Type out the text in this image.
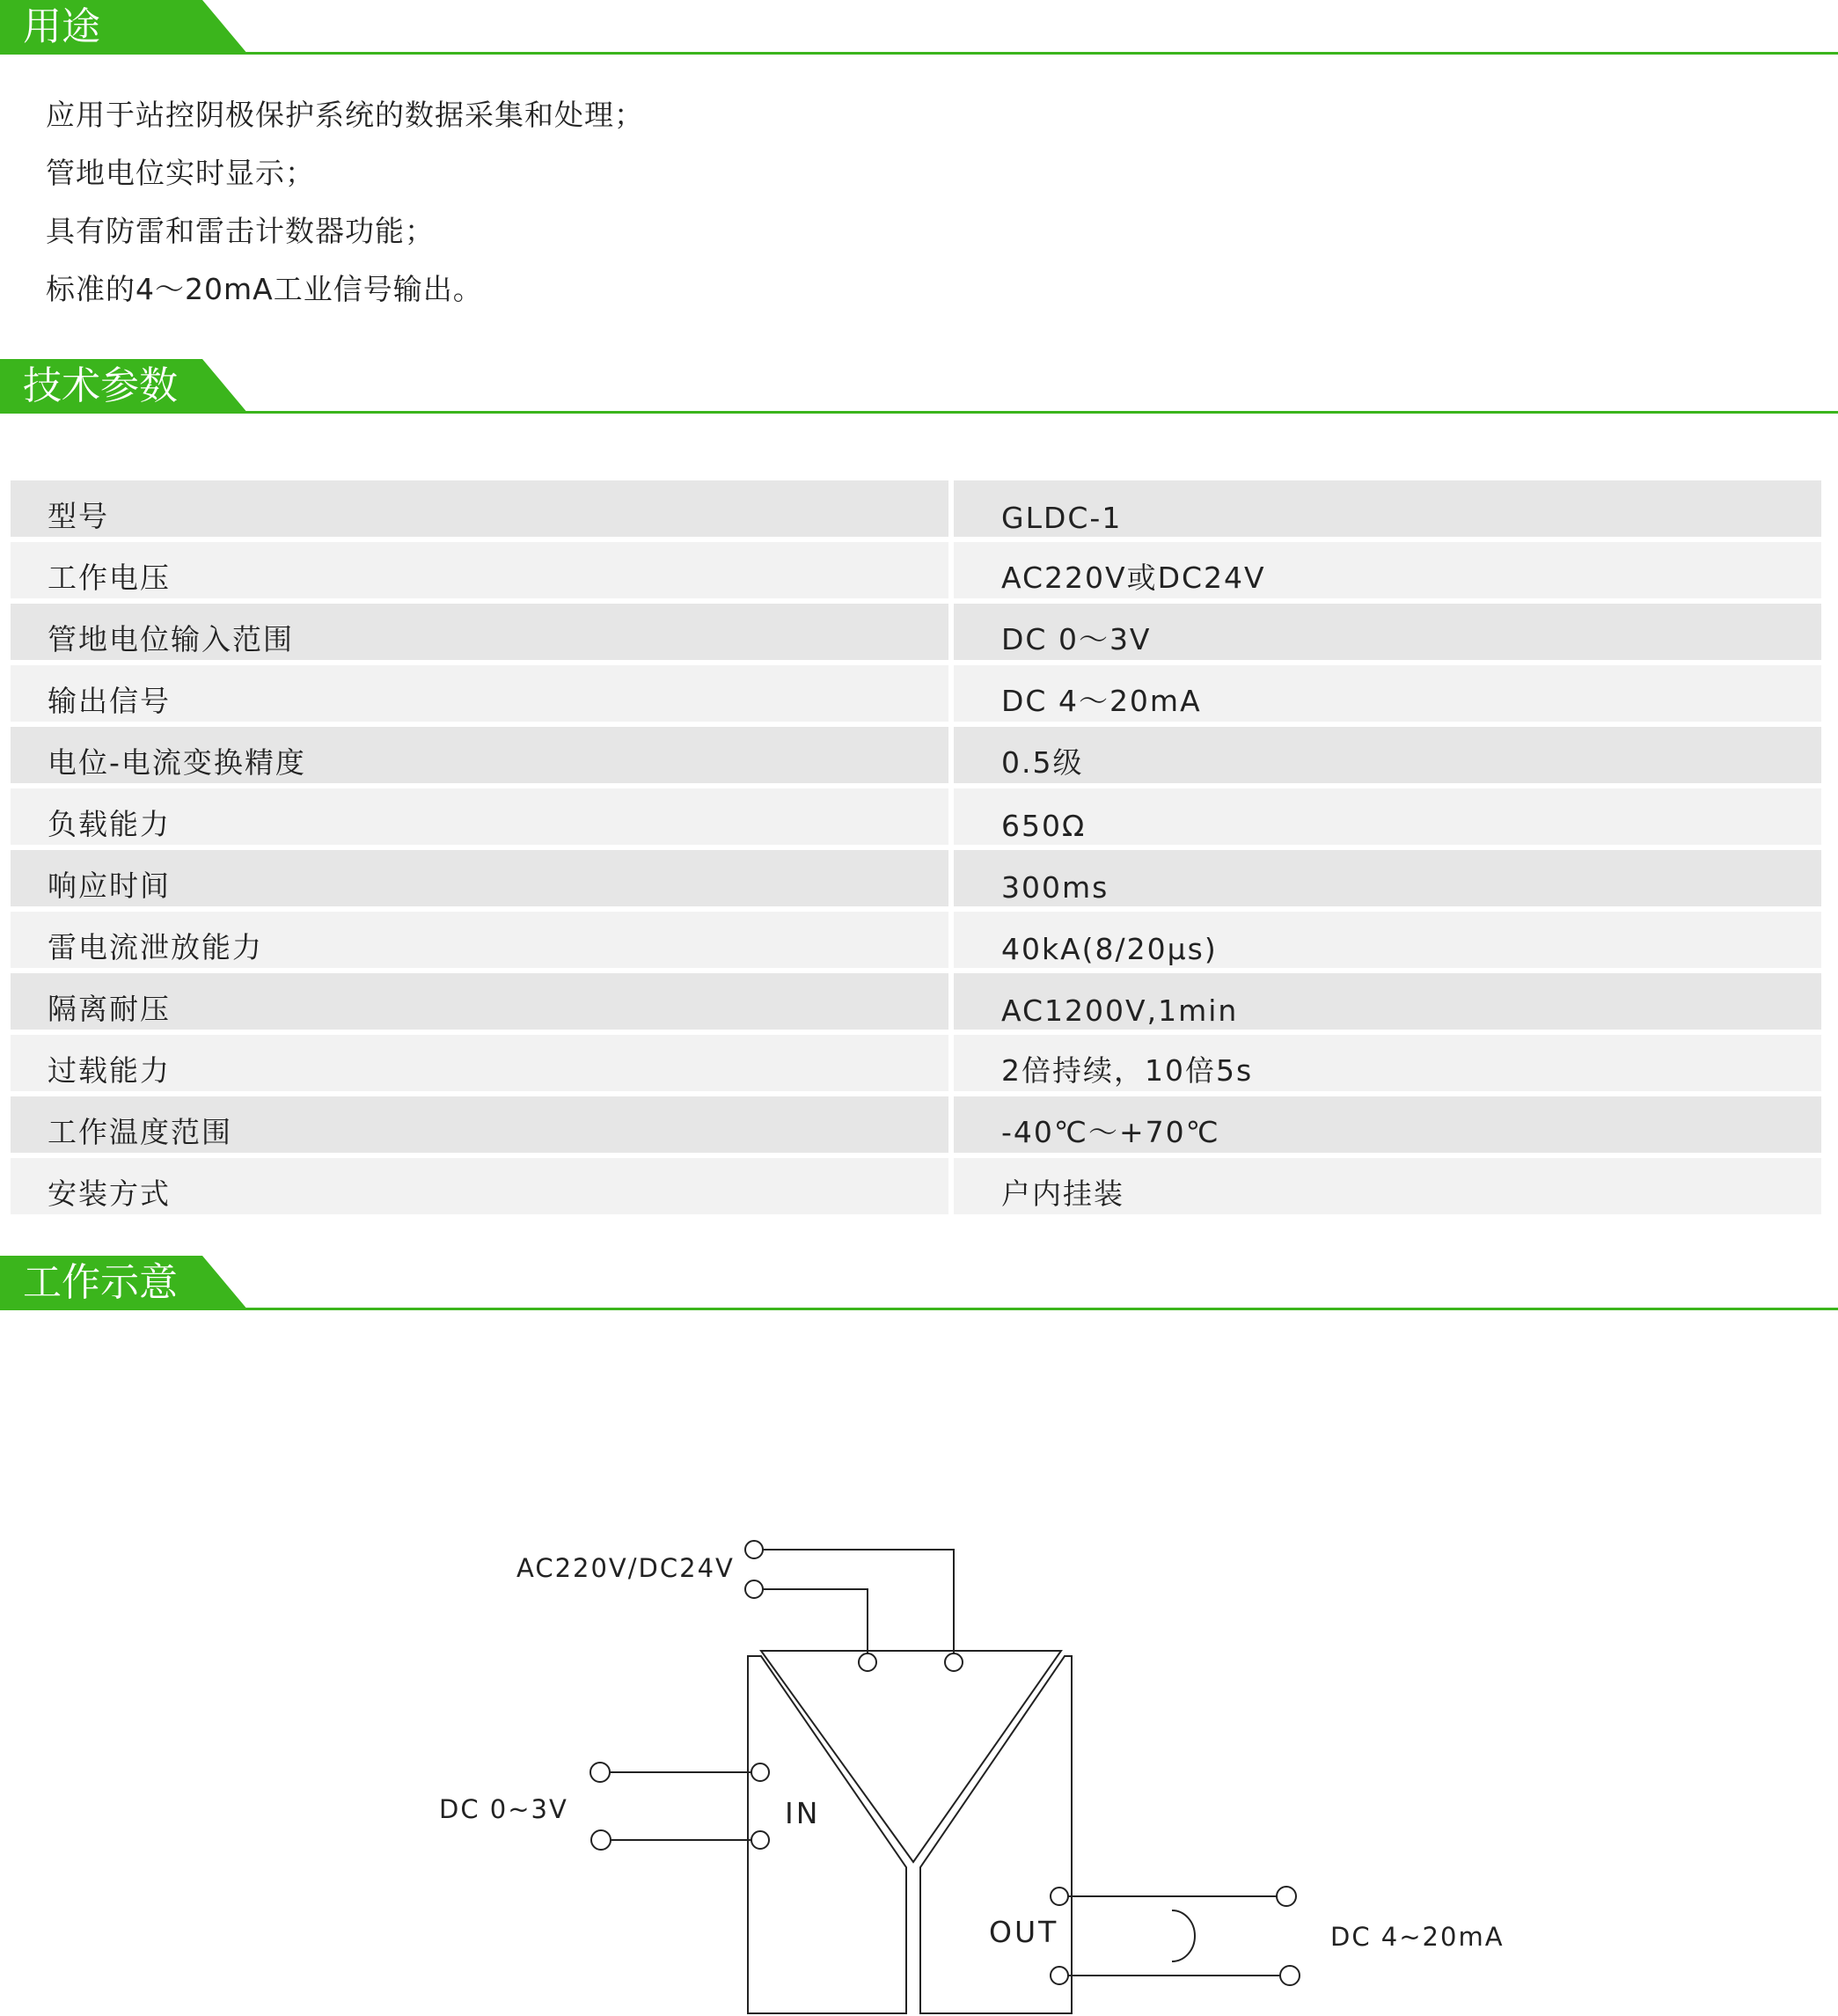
用途
应用于站控阴极保护系统的数据采集和处理；
管地电位实时显示；
具有防雷和雷击计数器功能；
标准的4～20mA工业信号输出。
技术参数
型号	GLDC-1
工作电压	AC220V或DC24V
管地电位输入范围	DC 0～3V
输出信号	DC 4～20mA
电位-电流变换精度	0.5级
负载能力	650Ω
响应时间	300ms
雷电流泄放能力	40kA(8/20μs)
隔离耐压	AC1200V,1min
过载能力	2倍持续，10倍5s
工作温度范围	-40℃～+70℃
安装方式	户内挂装
工作示意
AC220V/DC24V
DC 0~3V
DC 4~20mA
IN
OUT
